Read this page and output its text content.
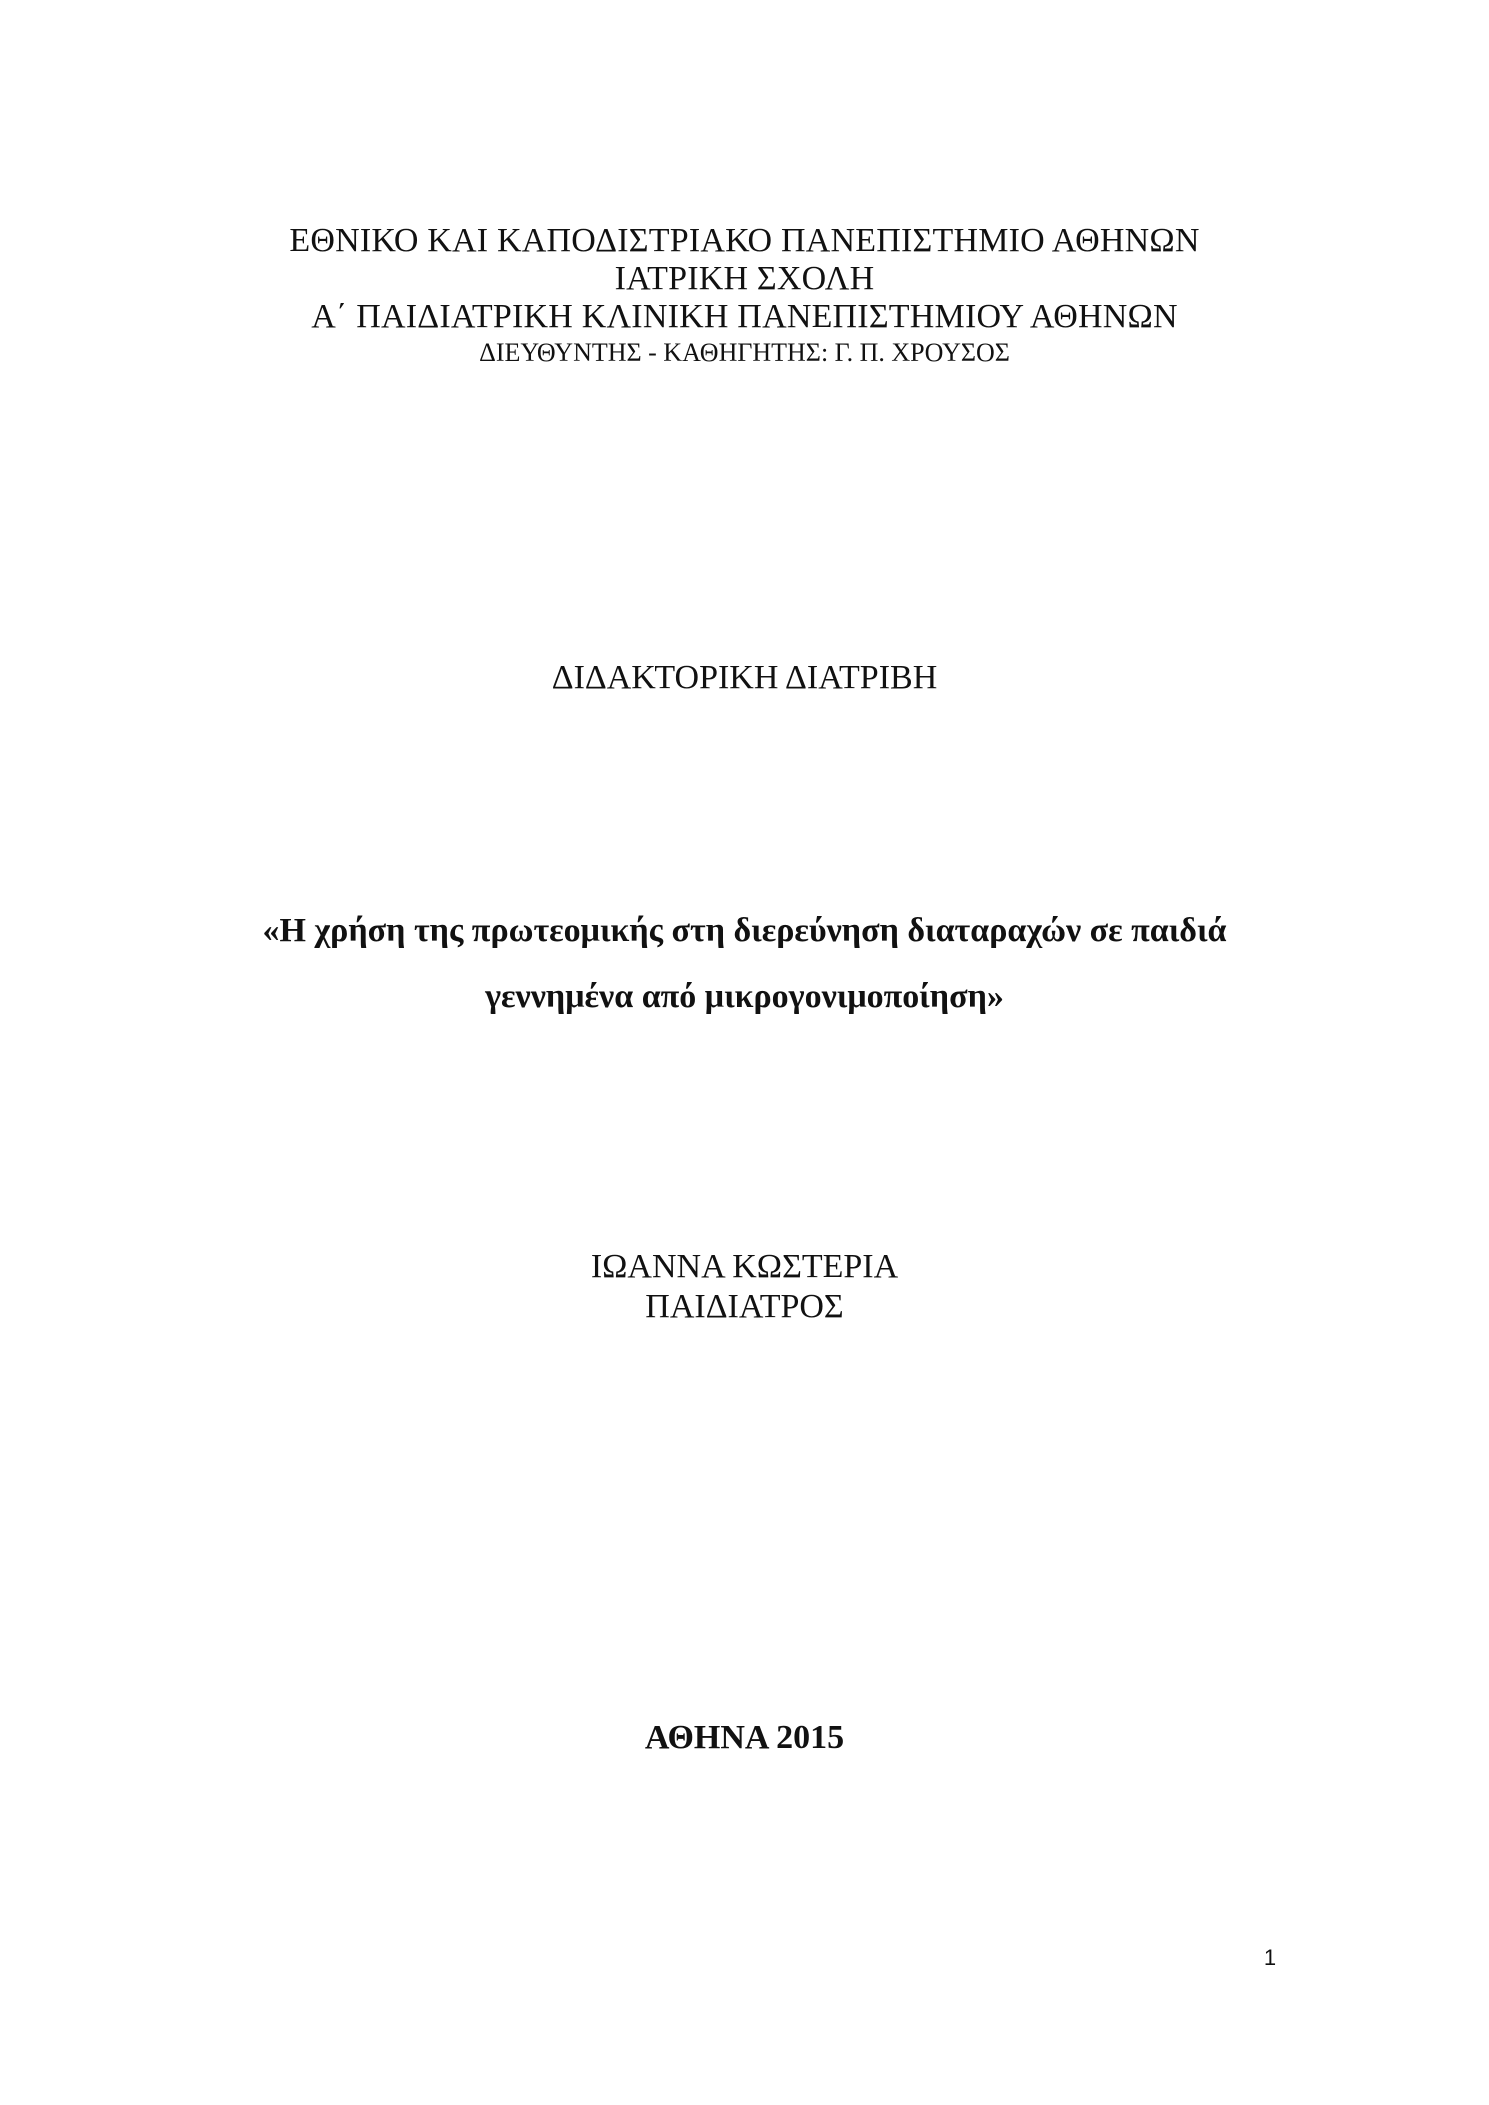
ΕΘΝΙΚΟ ΚΑΙ ΚΑΠΟΔΙΣΤΡΙΑΚΟ ΠΑΝΕΠΙΣΤΗΜΙΟ ΑΘΗΝΩΝ
ΙΑΤΡΙΚΗ ΣΧΟΛΗ
Α΄ ΠΑΙΔΙΑΤΡΙΚΗ ΚΛΙΝΙΚΗ ΠΑΝΕΠΙΣΤΗΜΙΟΥ ΑΘΗΝΩΝ
ΔΙΕΥΘΥΝΤΗΣ - ΚΑΘΗΓΗΤΗΣ: Γ. Π. ΧΡΟΥΣΟΣ
ΔΙΔΑΚΤΟΡΙΚΗ ΔΙΑΤΡΙΒΗ
«Η χρήση της πρωτεομικής στη διερεύνηση διαταραχών σε παιδιά
γεννημένα από μικρογονιμοποίηση»
ΙΩΑΝΝΑ ΚΩΣΤΕΡΙΑ
ΠΑΙΔΙΑΤΡΟΣ
ΑΘΗΝΑ 2015
1
